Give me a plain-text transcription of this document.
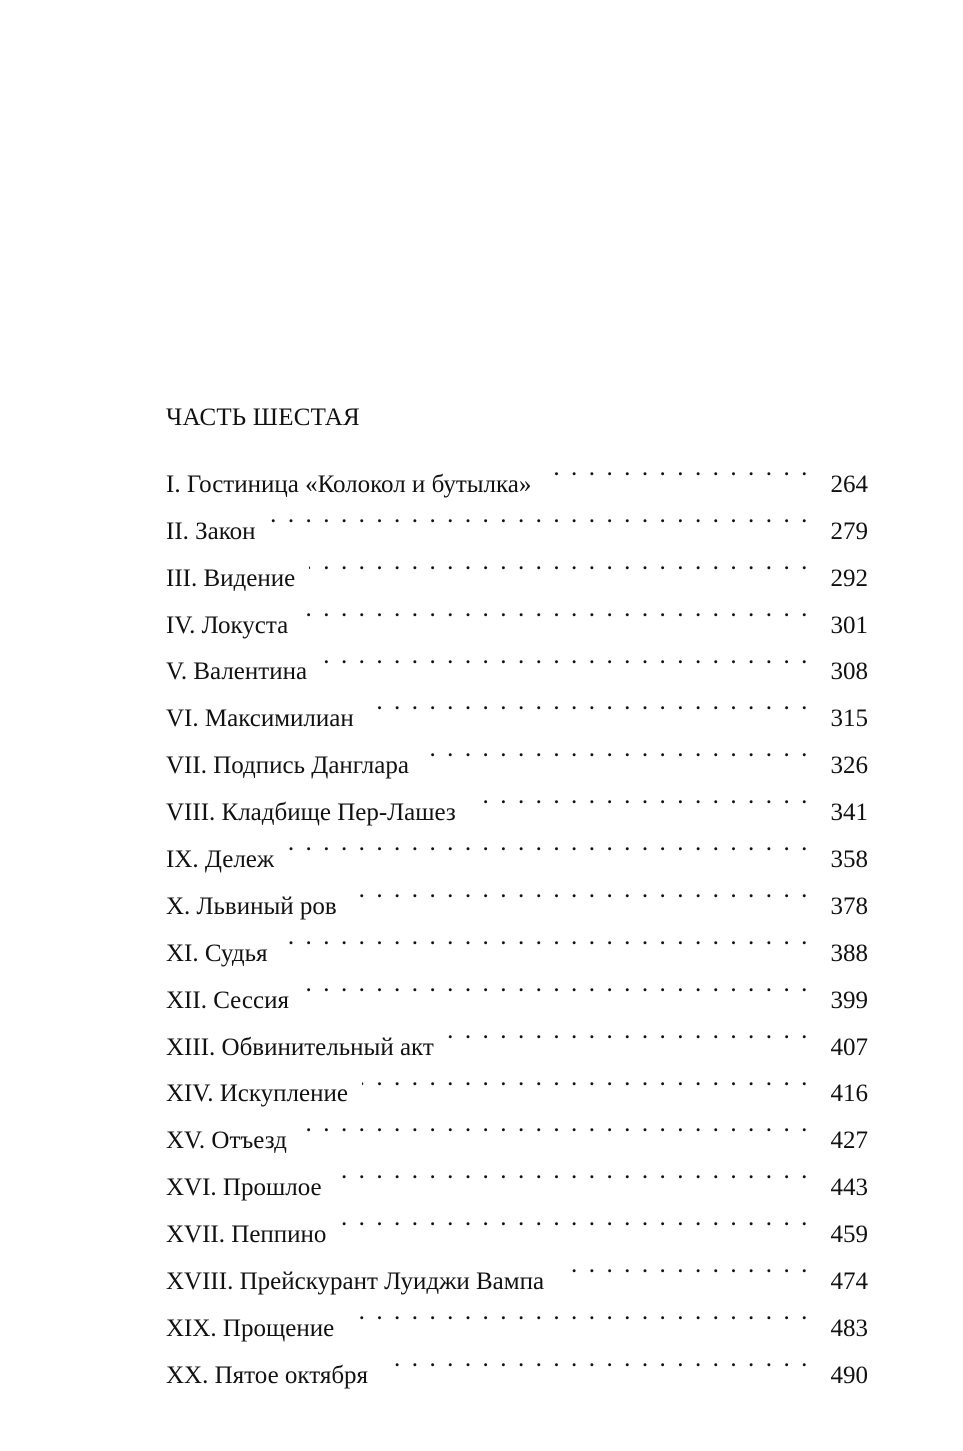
ЧАСТЬ ШЕСТАЯ
I. Гостиница «Колокол и бутылка» . . .	264
II. Закон . . .	279
III. Видение . . .	292
IV. Локуста . . .	301
V. Валентина . . .	308
VI. Максимилиан . . .	315
VII. Подпись Данглара . . .	326
VIII. Кладбище Пер-Лашез . . .	341
IX. Дележ . . .	358
X. Львиный ров . . .	378
XI. Судья . . .	388
XII. Сессия . . .	399
XIII. Обвинительный акт . . .	407
XIV. Искупление . . .	416
XV. Отъезд . . .	427
XVI. Прошлое . . .	443
XVII. Пеппино . . .	459
XVIII. Прейскурант Луиджи Вампа . . .	474
XIX. Прощение . . .	483
XX. Пятое октября . . .	490
